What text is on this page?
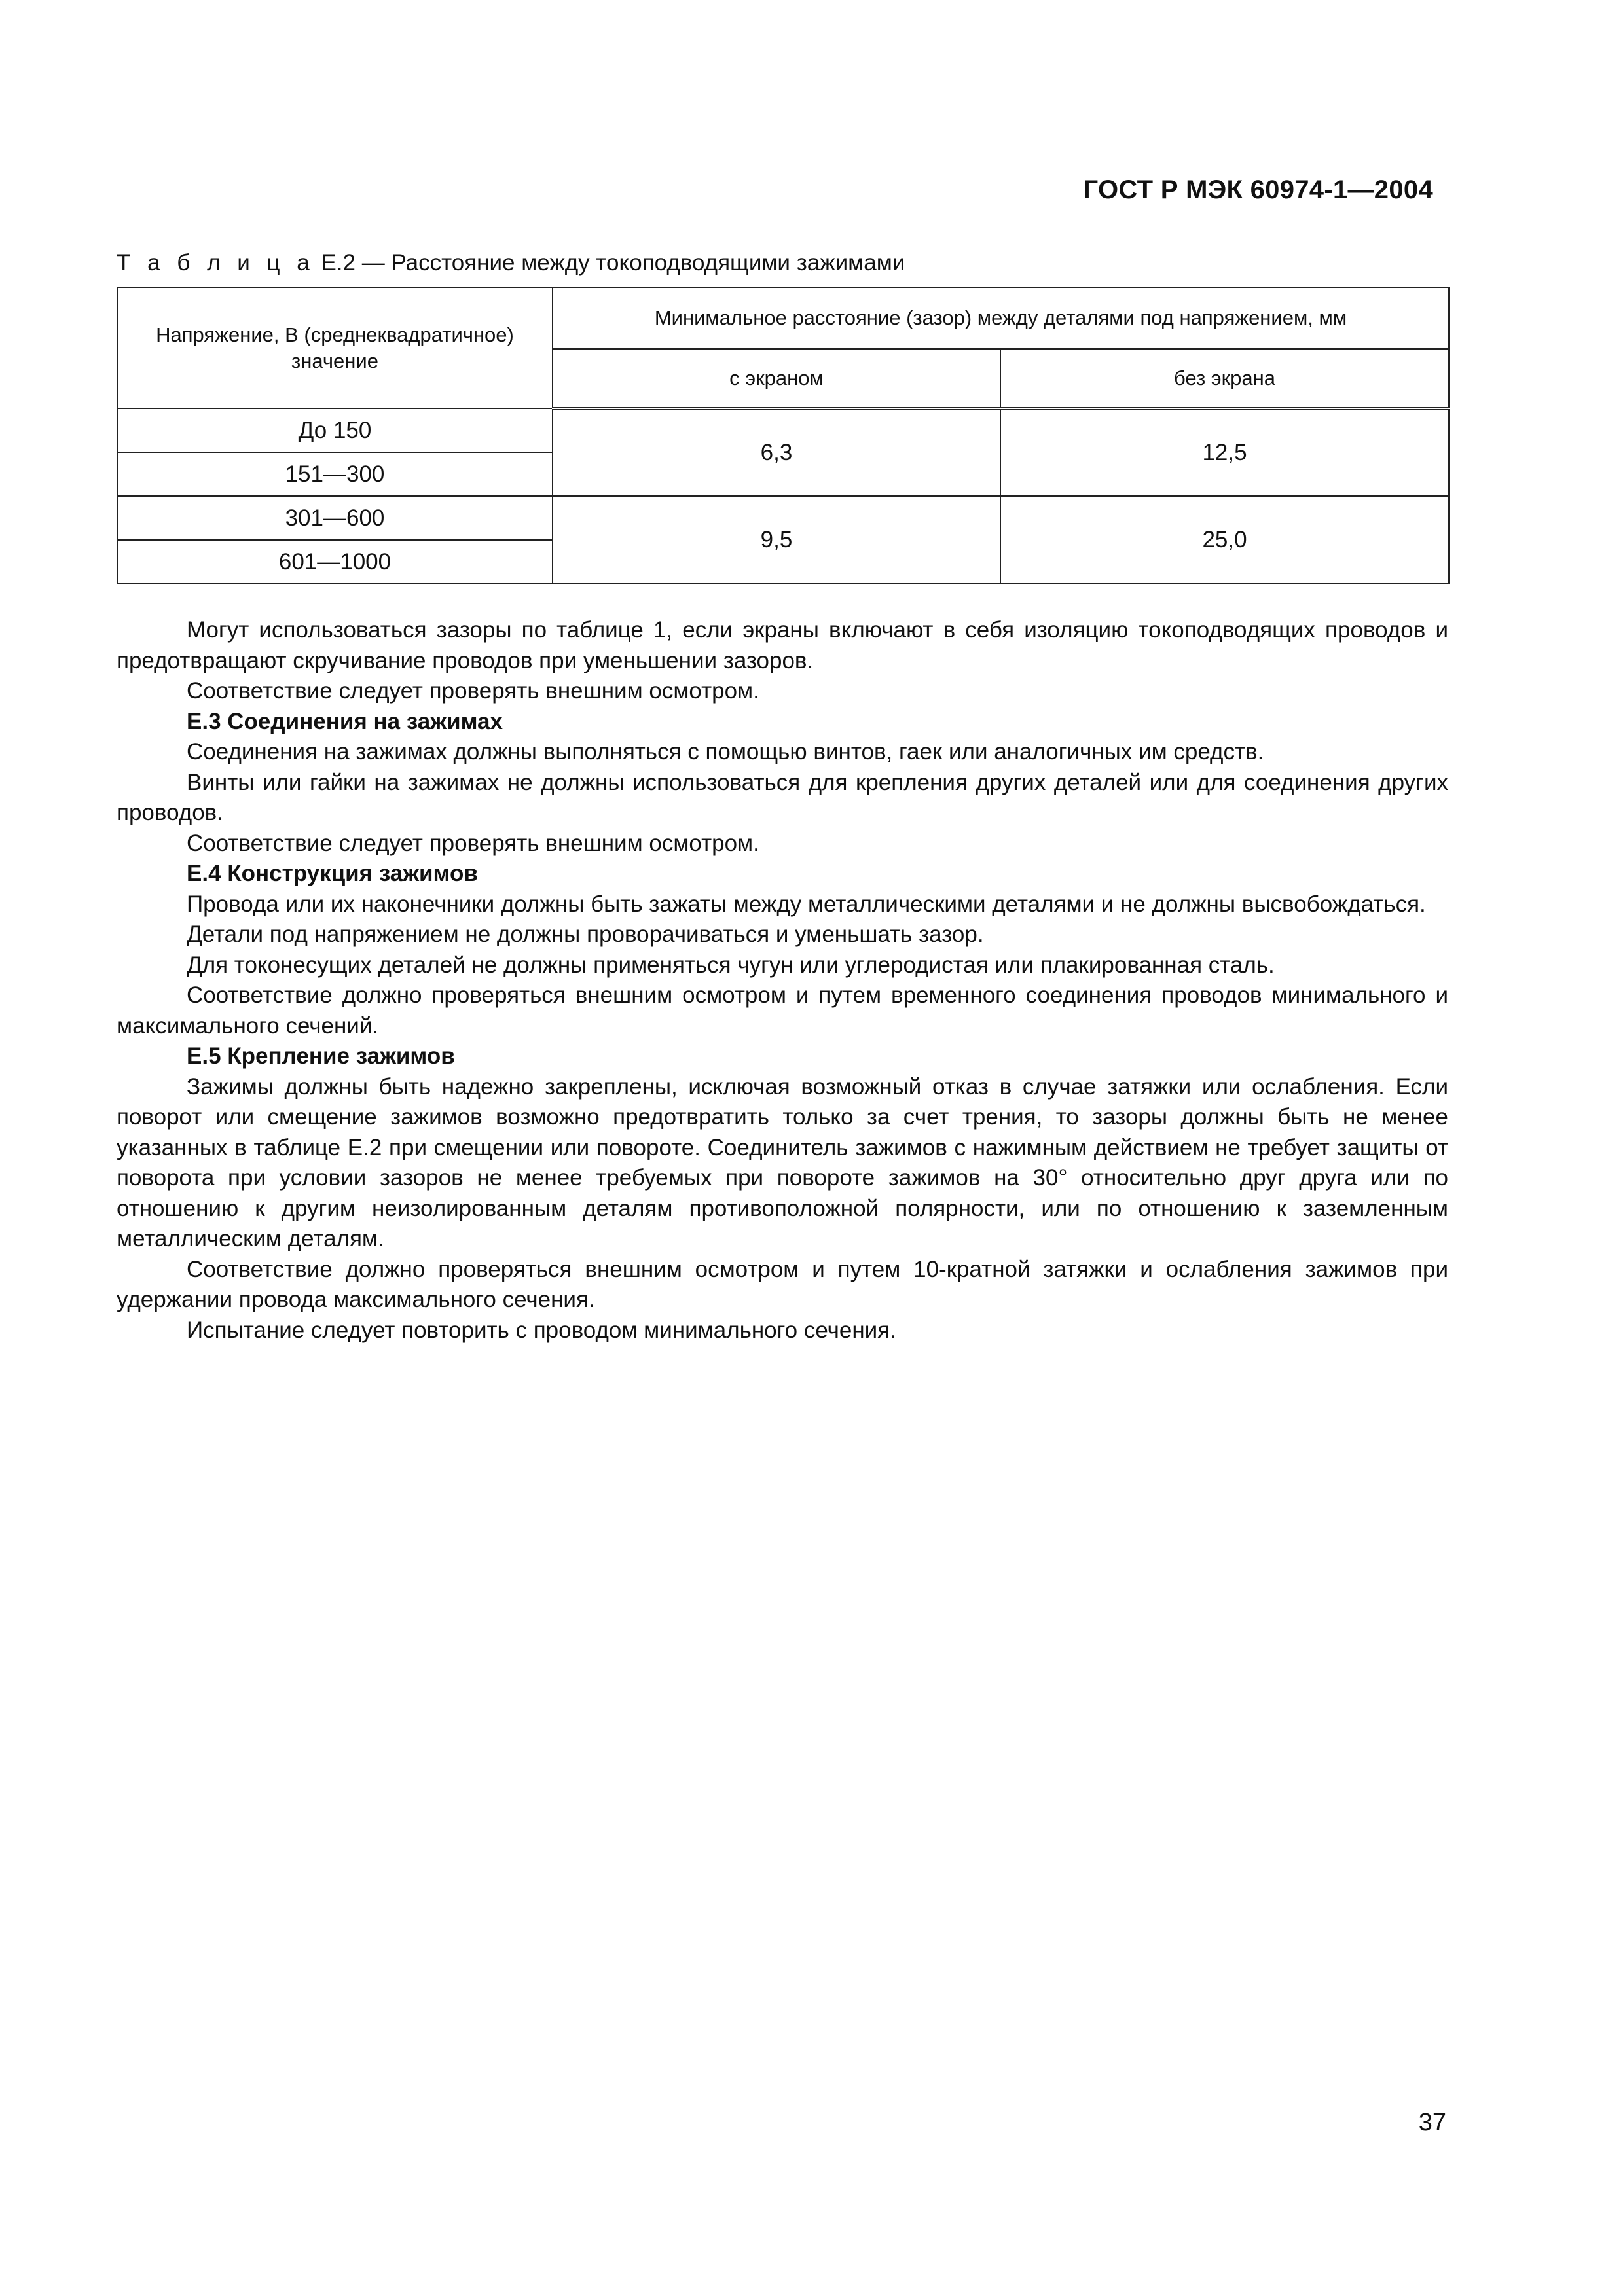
ГОСТ Р МЭК 60974-1—2004
Т а б л и ц а Е.2 — Расстояние между токоподводящими зажимами
Напряжение, В (среднеквадратичное) значение	Минимальное расстояние (зазор) между деталями под напряжением, мм	
	с экраном	без экрана
До 150	6,3	12,5
151—300		
301—600	9,5	25,0
601—1000		

Могут использоваться зазоры по таблице 1, если экраны включают в себя изоляцию токоподводящих проводов и предотвращают скручивание проводов при уменьшении зазоров.

Соответствие следует проверять внешним осмотром.

Е.3 Соединения на зажимах

Соединения на зажимах должны выполняться с помощью винтов, гаек или аналогичных им средств.

Винты или гайки на зажимах не должны использоваться для крепления других деталей или для соединения других проводов.

Соответствие следует проверять внешним осмотром.

Е.4 Конструкция зажимов

Провода или их наконечники должны быть зажаты между металлическими деталями и не должны высвобождаться.

Детали под напряжением не должны проворачиваться и уменьшать зазор.

Для токонесущих деталей не должны применяться чугун или углеродистая или плакированная сталь.

Соответствие должно проверяться внешним осмотром и путем временного соединения проводов минимального и максимального сечений.

Е.5 Крепление зажимов

Зажимы должны быть надежно закреплены, исключая возможный отказ в случае затяжки или ослабления. Если поворот или смещение зажимов возможно предотвратить только за счет трения, то зазоры должны быть не менее указанных в таблице Е.2 при смещении или повороте. Соединитель зажимов с нажимным действием не требует защиты от поворота при условии зазоров не менее требуемых при повороте зажимов на 30° относительно друг друга или по отношению к другим неизолированным деталям противоположной полярности, или по отношению к заземленным металлическим деталям.

Соответствие должно проверяться внешним осмотром и путем 10-кратной затяжки и ослабления зажимов при удержании провода максимального сечения.

Испытание следует повторить с проводом минимального сечения.

37
